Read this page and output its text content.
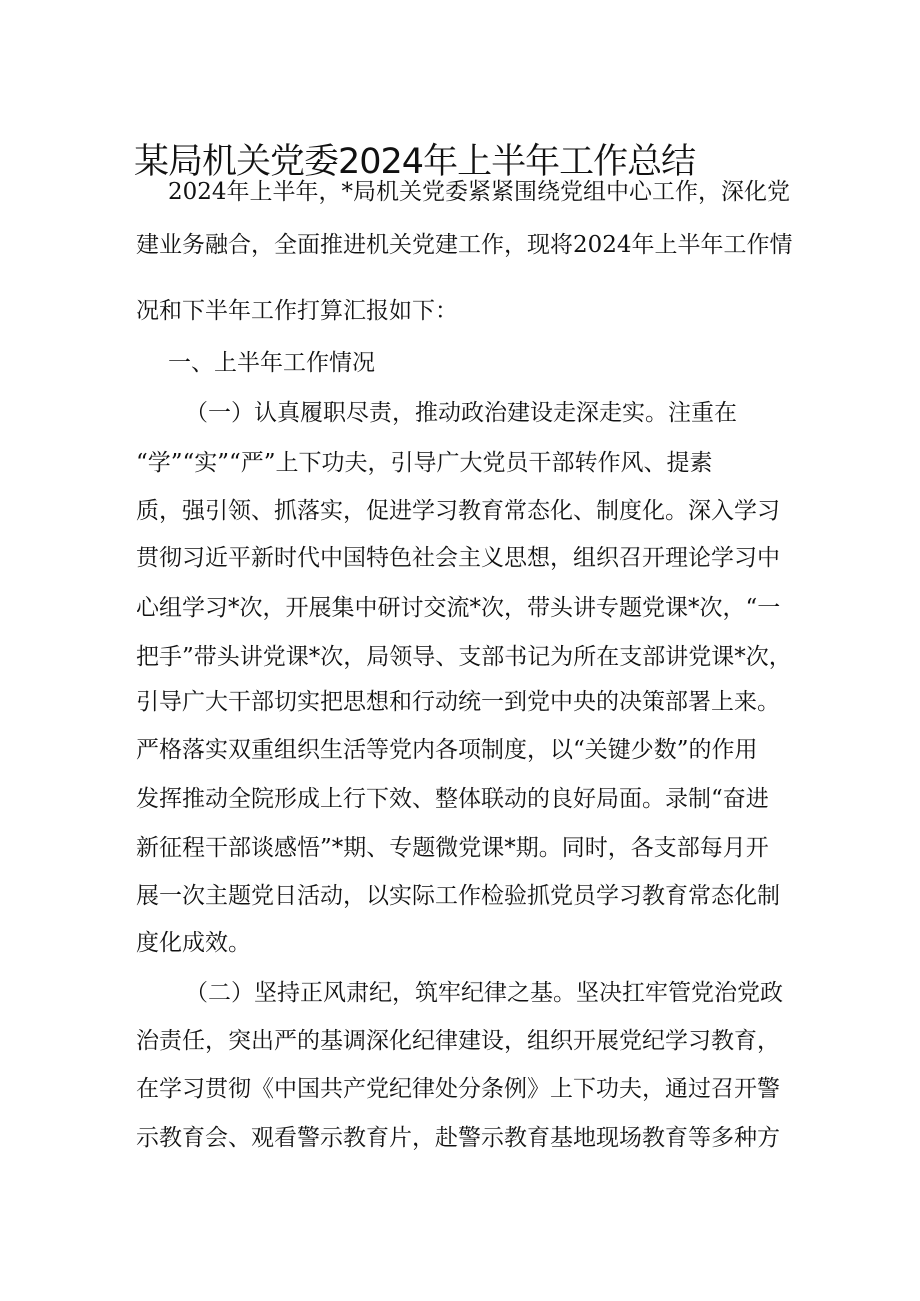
某局机关党委2024年上半年工作总结

2024年上半年，*局机关党委紧紧围绕党组中心工作，深化党

建业务融合，全面推进机关党建工作，现将2024年上半年工作情

况和下半年工作打算汇报如下：

一、上半年工作情况

（一）认真履职尽责，推动政治建设走深走实。注重在

“学”“实”“严”上下功夫，引导广大党员干部转作风、提素

质，强引领、抓落实，促进学习教育常态化、制度化。深入学习

贯彻习近平新时代中国特色社会主义思想，组织召开理论学习中

心组学习*次，开展集中研讨交流*次，带头讲专题党课*次，“一

把手”带头讲党课*次，局领导、支部书记为所在支部讲党课*次，

引导广大干部切实把思想和行动统一到党中央的决策部署上来。

严格落实双重组织生活等党内各项制度，以“关键少数”的作用

发挥推动全院形成上行下效、整体联动的良好局面。录制“奋进

新征程干部谈感悟”*期、专题微党课*期。同时，各支部每月开

展一次主题党日活动，以实际工作检验抓党员学习教育常态化制

度化成效。

（二）坚持正风肃纪，筑牢纪律之基。坚决扛牢管党治党政

治责任，突出严的基调深化纪律建设，组织开展党纪学习教育，

在学习贯彻《中国共产党纪律处分条例》上下功夫，通过召开警

示教育会、观看警示教育片，赴警示教育基地现场教育等多种方
